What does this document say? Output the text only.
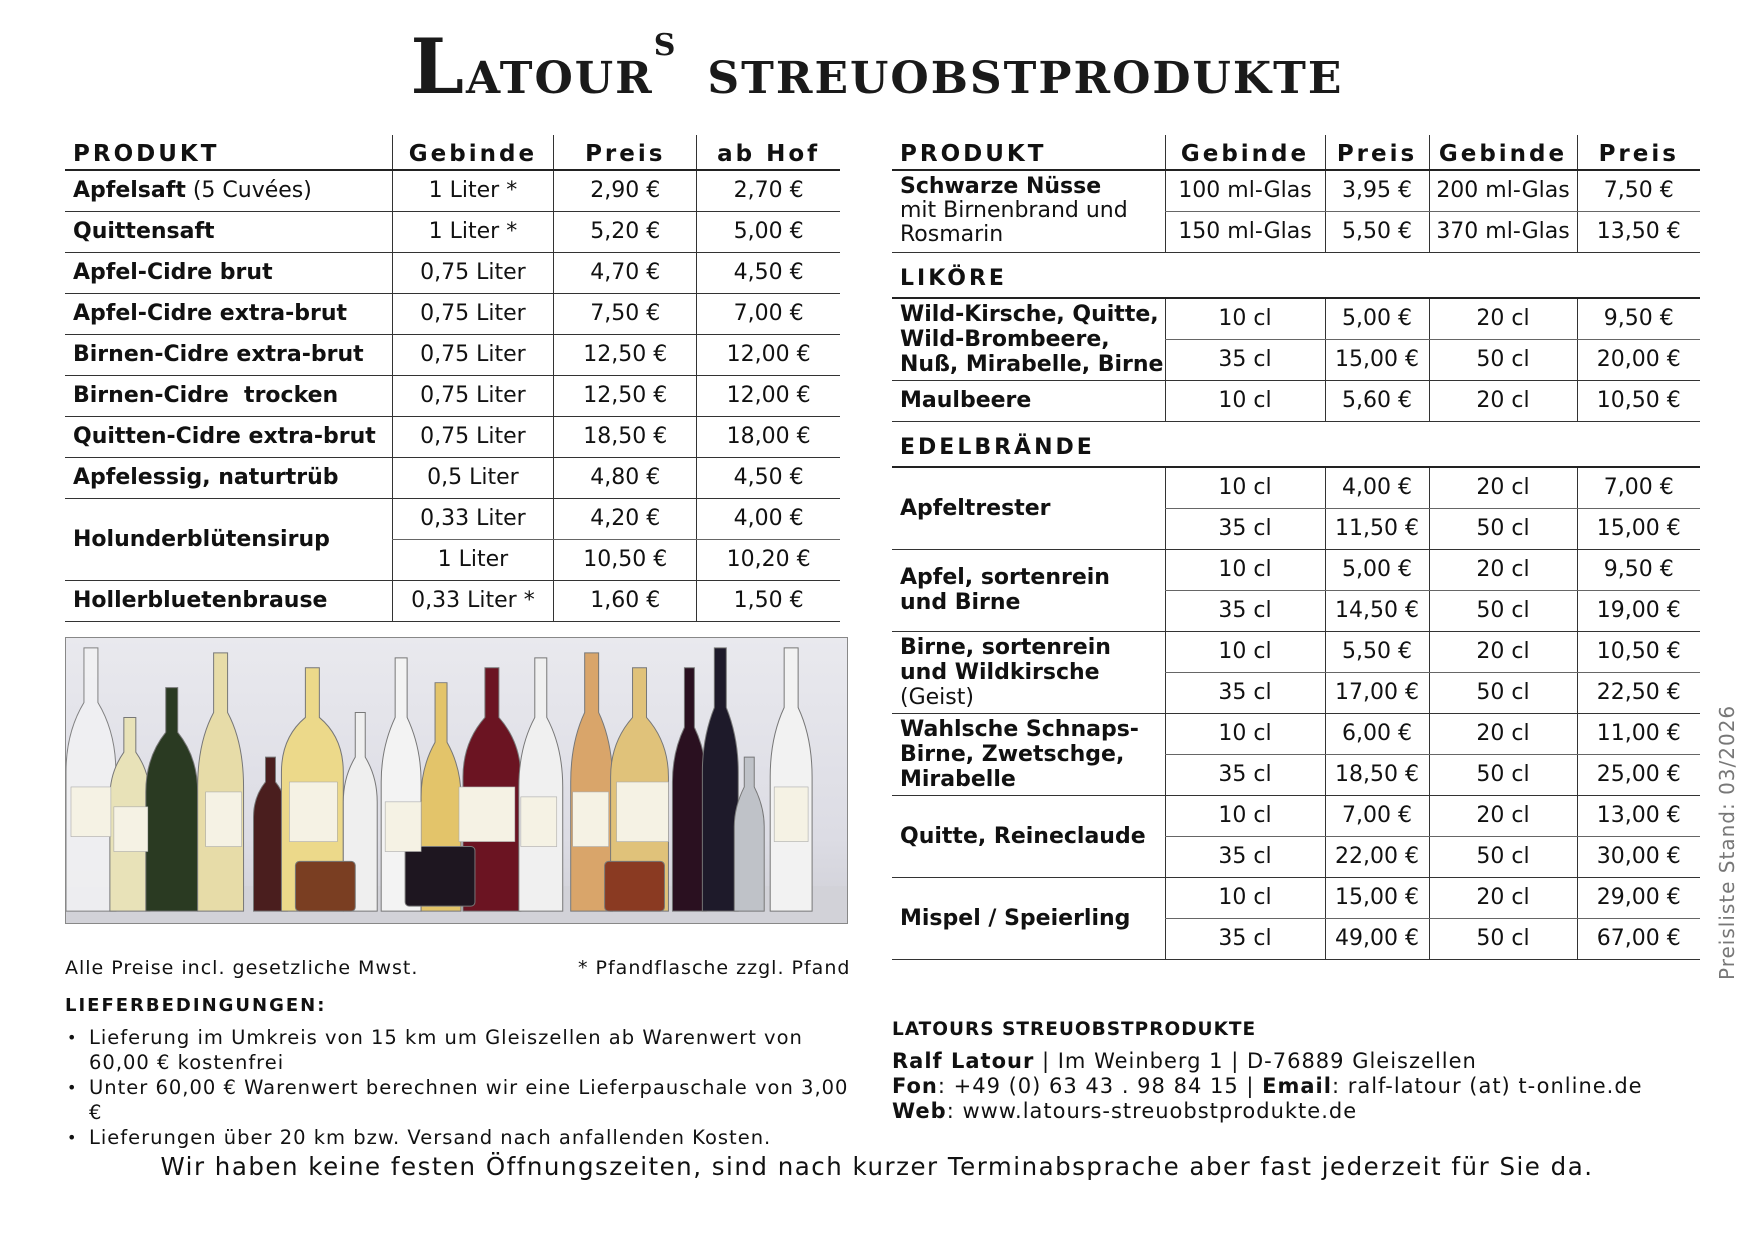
$LATOUR^SSTREUOBSTPRODUKTE$
PRODUKT	Gebinde	Preis	ab Hof
Apfelsaft (5 Cuvées)	1 Liter *	2,90 €	2,70 €
Quittensaft	1 Liter *	5,20 €	5,00 €
Apfel-Cidre brut	0,75 Liter	4,70 €	4,50 €
Apfel-Cidre extra-brut	0,75 Liter	7,50 €	7,00 €
Birnen-Cidre extra-brut	0,75 Liter	12,50 €	12,00 €
Birnen-Cidre  trocken	0,75 Liter	12,50 €	12,00 €
Quitten-Cidre extra-brut	0,75 Liter	18,50 €	18,00 €
Apfelessig, naturtrüb	0,5 Liter	4,80 €	4,50 €
Holunderblütensirup	0,33 Liter	4,20 €	4,00 €
	1 Liter	10,50 €	10,20 €
Hollerbluetenbrause	0,33 Liter *	1,60 €	1,50 €
PRODUKT	Gebinde	Preis	Gebinde	Preis
Schwarze Nüsse
mit Birnenbrand und Rosmarin	100 ml-Glas	3,95 €	200 ml-Glas	7,50 €
	150 ml-Glas	5,50 €	370 ml-Glas	13,50 €
LIKÖRE				
Wild-Kirsche, Quitte, Wild-Brombeere, Nuß, Mirabelle, Birne	10 cl	5,00 €	20 cl	9,50 €
	35 cl	15,00 €	50 cl	20,00 €
Maulbeere	10 cl	5,60 €	20 cl	10,50 €
EDELBRÄNDE				
Apfeltrester	10 cl	4,00 €	20 cl	7,00 €
	35 cl	11,50 €	50 cl	15,00 €
Apfel, sortenrein und Birne	10 cl	5,00 €	20 cl	9,50 €
	35 cl	14,50 €	50 cl	19,00 €
Birne, sortenrein und Wildkirsche (Geist)	10 cl	5,50 €	20 cl	10,50 €
	35 cl	17,00 €	50 cl	22,50 €
Wahlsche Schnaps-Birne, Zwetschge, Mirabelle	10 cl	6,00 €	20 cl	11,00 €
	35 cl	18,50 €	50 cl	25,00 €
Quitte, Reineclaude	10 cl	7,00 €	20 cl	13,00 €
	35 cl	22,00 €	50 cl	30,00 €
Mispel / Speierling	10 cl	15,00 €	20 cl	29,00 €
	35 cl	49,00 €	50 cl	67,00 €
Alle Preise incl. gesetzliche Mwst.	* Pfandflasche zzgl. Pfand
LIEFERBEDINGUNGEN:
• Lieferung im Umkreis von 15 km um Gleiszellen ab Warenwert von 60,00 € kostenfrei
• Unter 60,00 € Warenwert berechnen wir eine Lieferpauschale von 3,00 €
• Lieferungen über 20 km bzw. Versand nach anfallenden Kosten.
LATOURS STREUOBSTPRODUKTE
Ralf Latour | Im Weinberg 1 | D-76889 Gleiszellen
Fon: +49 (0) 63 43 . 98 84 15 | Email: ralf-latour (at) t-online.de
Web: www.latours-streuobstprodukte.de
Wir haben keine festen Öffnungszeiten, sind nach kurzer Terminabsprache aber fast jederzeit für Sie da.
Preisliste Stand: 03/2026
